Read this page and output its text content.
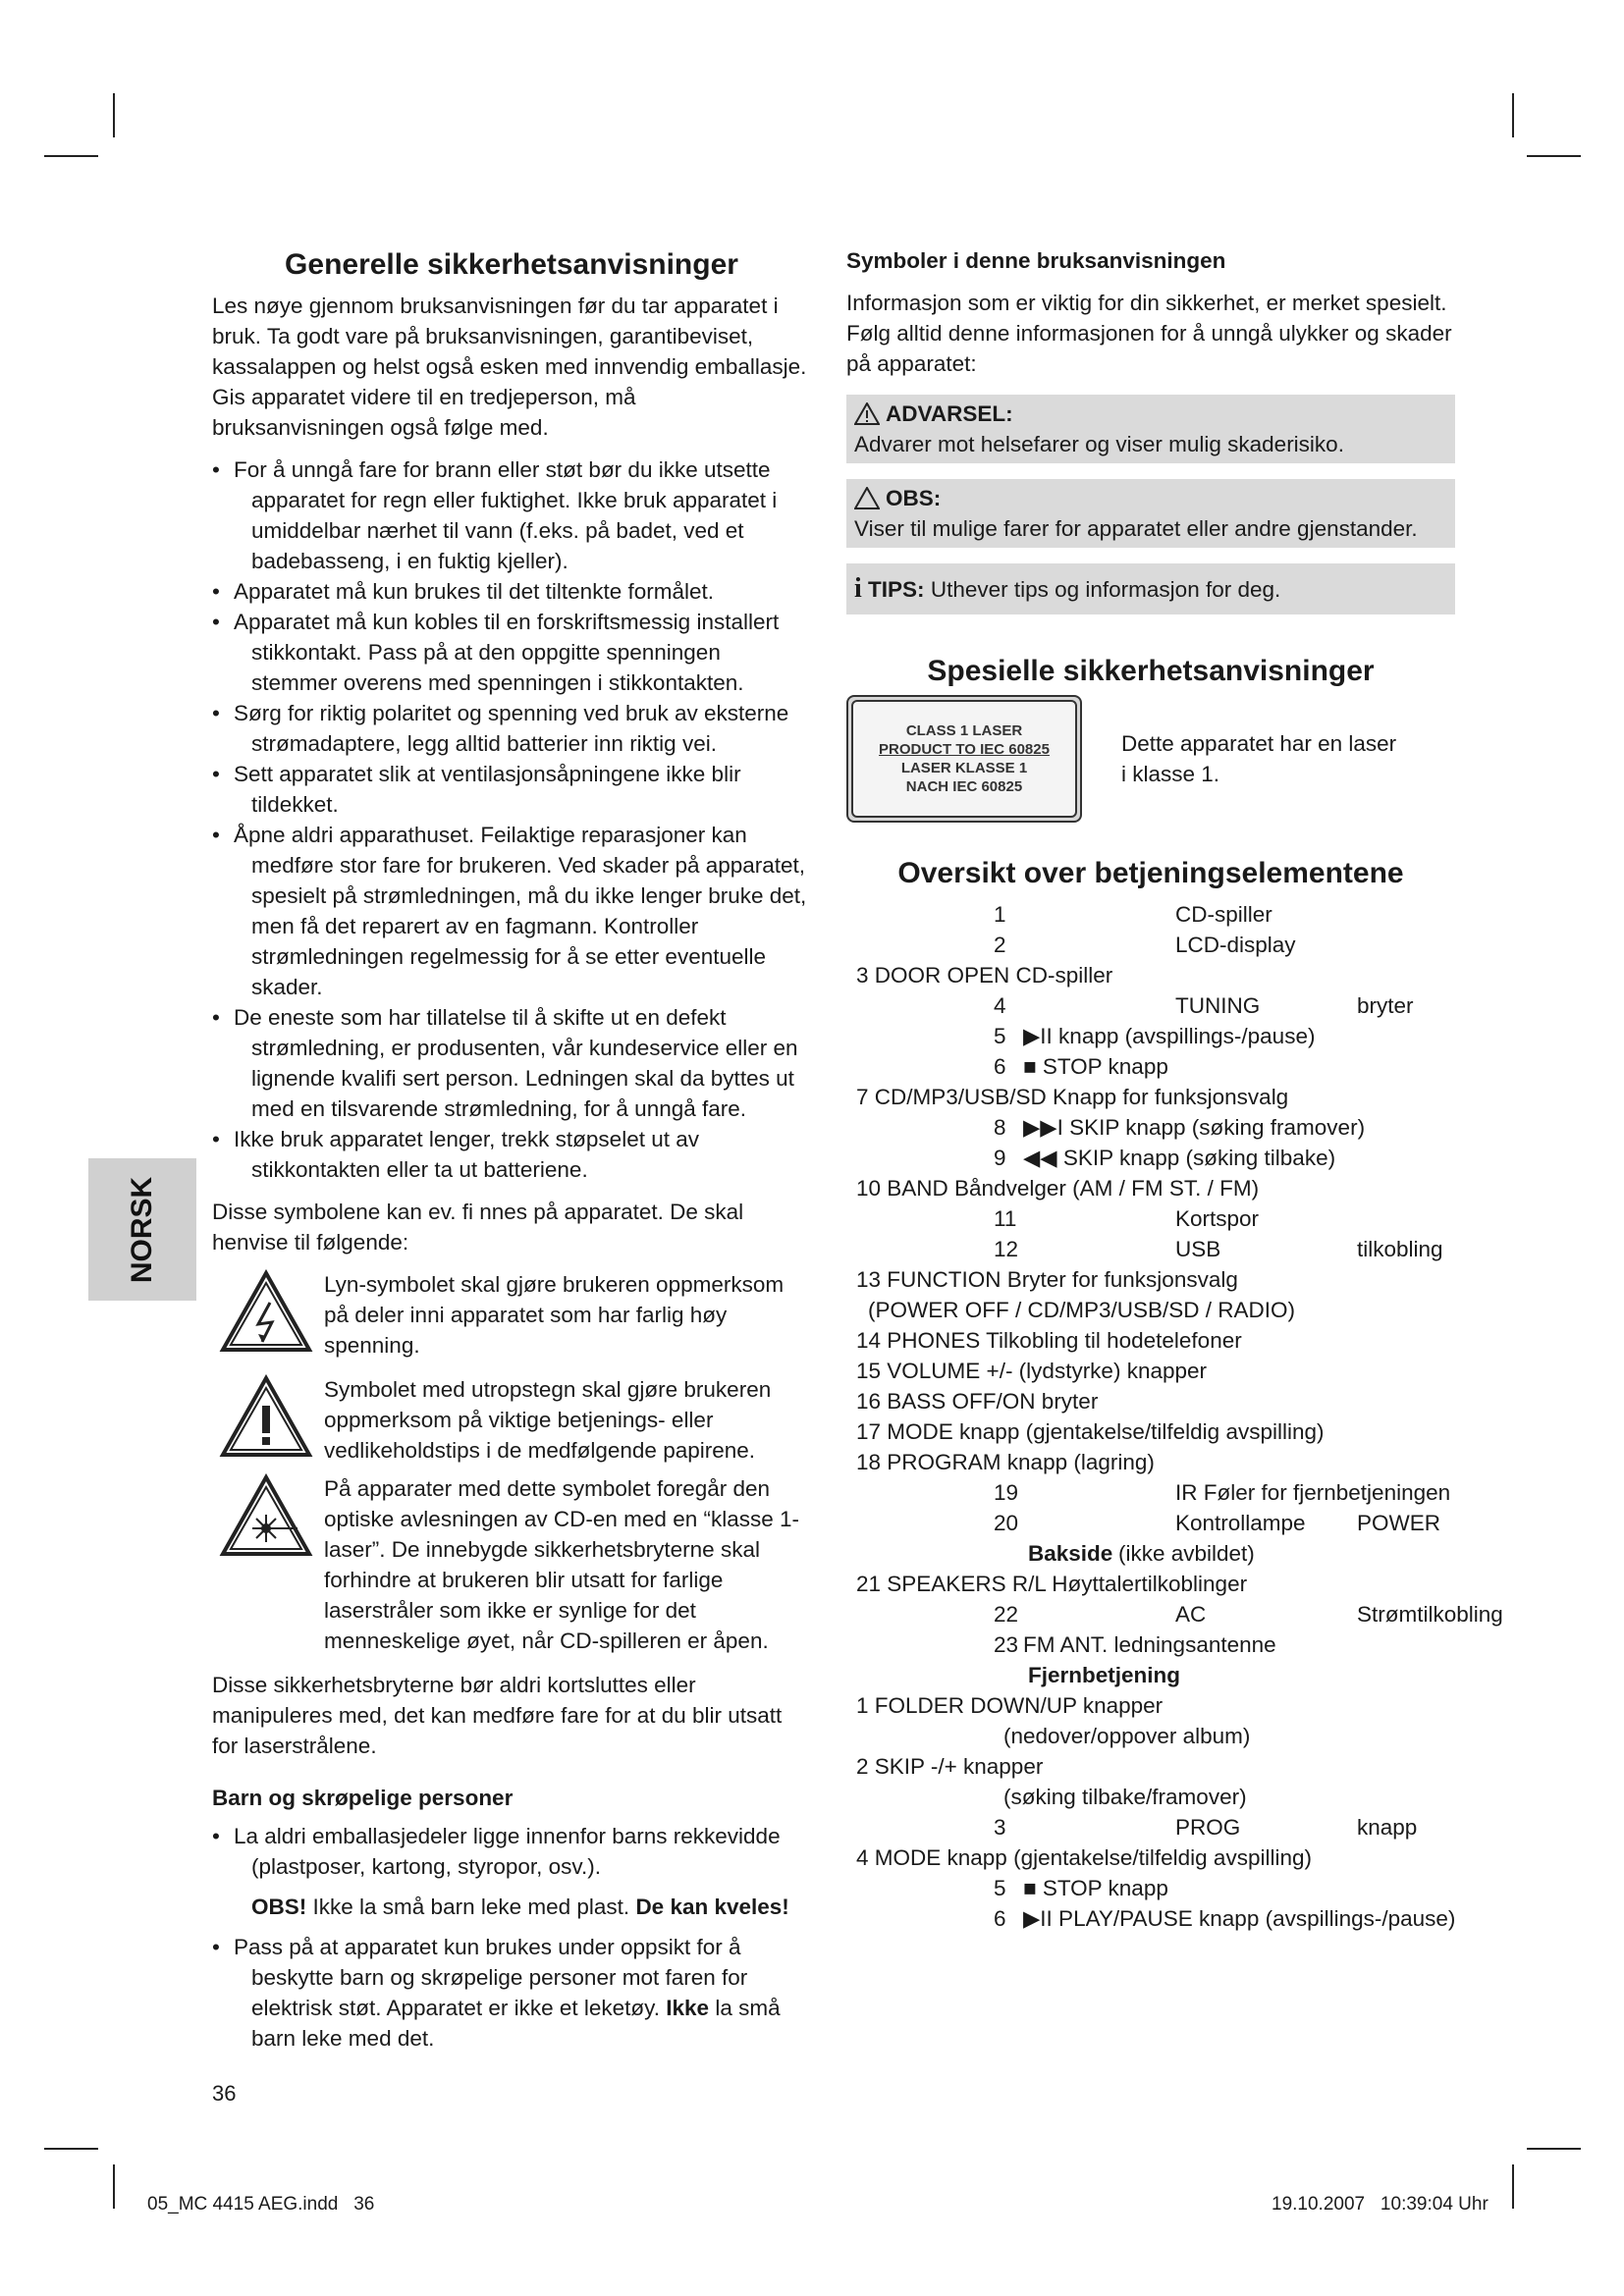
NORSK
Generelle sikkerhetsanvisninger

Les nøye gjennom bruksanvisningen før du tar apparatet i bruk. Ta godt vare på bruksanvisningen, garantibeviset, kassalappen og helst også esken med innvendig emballasje. Gis apparatet videre til en tredjeperson, må bruksanvisningen også følge med.

• For å unngå fare for brann eller støt bør du ikke utsette apparatet for regn eller fuktighet. Ikke bruk apparatet i umiddelbar nærhet til vann (f.eks. på badet, ved et badebasseng, i en fuktig kjeller).
• Apparatet må kun brukes til det tiltenkte formålet.
• Apparatet må kun kobles til en forskriftsmessig installert stikkontakt. Pass på at den oppgitte spenningen stemmer overens med spenningen i stikkontakten.
• Sørg for riktig polaritet og spenning ved bruk av eksterne strømadaptere, legg alltid batterier inn riktig vei.
• Sett apparatet slik at ventilasjonsåpningene ikke blir tildekket.
• Åpne aldri apparathuset. Feilaktige reparasjoner kan medføre stor fare for brukeren. Ved skader på apparatet, spesielt på strømledningen, må du ikke lenger bruke det, men få det reparert av en fagmann. Kontroller strømledningen regelmessig for å se etter eventuelle skader.
• De eneste som har tillatelse til å skifte ut en defekt strømledning, er produsenten, vår kundeservice eller en lignende kvalifi sert person. Ledningen skal da byttes ut med en tilsvarende strømledning, for å unngå fare.
• Ikke bruk apparatet lenger, trekk støpselet ut av stikkontakten eller ta ut batteriene.

Disse symbolene kan ev. fi nnes på apparatet. De skal henvise til følgende:

Lyn-symbolet skal gjøre brukeren oppmerksom på deler inni apparatet som har farlig høy spenning.

Symbolet med utropstegn skal gjøre brukeren oppmerksom på viktige betjenings- eller vedlikeholdstips i de medfølgende papirene.

På apparater med dette symbolet foregår den optiske avlesningen av CD-en med en “klasse 1-laser”. De innebygde sikkerhetsbryterne skal forhindre at brukeren blir utsatt for farlige laserstråler som ikke er synlige for det menneskelige øyet, når CD-spilleren er åpen.

Disse sikkerhetsbryterne bør aldri kortsluttes eller manipuleres med, det kan medføre fare for at du blir utsatt for laserstrålene.

Barn og skrøpelige personer
• La aldri emballasjedeler ligge innenfor barns rekkevidde (plastposer, kartong, styropor, osv.).

OBS! Ikke la små barn leke med plast. De kan kveles!

• Pass på at apparatet kun brukes under oppsikt for å beskytte barn og skrøpelige personer mot faren for elektrisk støt. Apparatet er ikke et leketøy. Ikke la små barn leke med det.
Symboler i denne bruksanvisningen

Informasjon som er viktig for din sikkerhet, er merket spesielt. Følg alltid denne informasjonen for å unngå ulykker og skader på apparatet:

ADVARSEL:
Advarer mot helsefarer og viser mulig skaderisiko.
OBS:
Viser til mulige farer for apparatet eller andre gjenstander.
i TIPS: Uthever tips og informasjon for deg.
Spesielle sikkerhetsanvisninger
CLASS 1 LASER
PRODUCT TO IEC 60825
LASER KLASSE 1
NACH IEC 60825

Dette apparatet har en laser i klasse 1.

Oversikt over betjeningselementene
1	CD-spiller
2	LCD-display
3 DOOR OPEN CD-spiller
4	TUNING	bryter
5 ▶II knapp (avspillings-/pause)
6 ■ STOP knapp
7 CD/MP3/USB/SD Knapp for funksjonsvalg
8 ▶▶I SKIP knapp (søking framover)
9 ◀◀ SKIP knapp (søking tilbake)
10 BAND Båndvelger (AM / FM ST. / FM)
11	Kortspor
12	USB	tilkobling
13 FUNCTION Bryter for funksjonsvalg
(POWER OFF / CD/MP3/USB/SD / RADIO)
14 PHONES Tilkobling til hodetelefoner
15 VOLUME +/- (lydstyrke) knapper
16 BASS OFF/ON bryter
17 MODE knapp (gjentakelse/tilfeldig avspilling)
18 PROGRAM knapp (lagring)
19	IR Føler for fjernbetjeningen
20	Kontrollampe POWER
Bakside (ikke avbildet)
21 SPEAKERS R/L Høyttalertilkoblinger
22	AC	Strømtilkobling
23 FM ANT. ledningsantenne
Fjernbetjening
1 FOLDER DOWN/UP knapper
(nedover/oppover album)
2 SKIP -/+ knapper
(søking tilbake/framover)
3	PROG	knapp
4 MODE knapp (gjentakelse/tilfeldig avspilling)
5 ■ STOP knapp
6 ▶II PLAY/PAUSE knapp (avspillings-/pause)
36
05_MC 4415 AEG.indd   36	19.10.2007   10:39:04 Uhr
